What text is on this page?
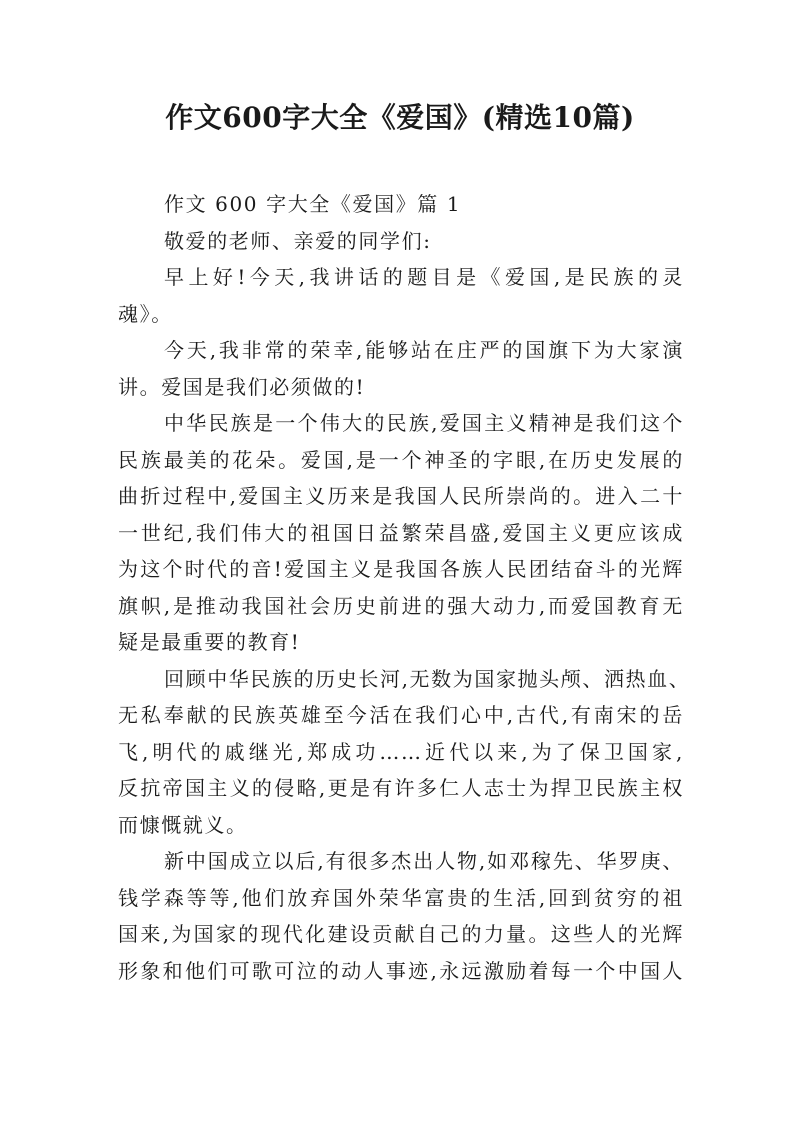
作文600字大全《爱国》(精选10篇)
作文 600 字大全《爱国》篇 1
敬爱的老师、亲爱的同学们:
早上好!今天,我讲话的题目是《爱国,是民族的灵
魂》。
今天,我非常的荣幸,能够站在庄严的国旗下为大家演
讲。爱国是我们必须做的!
中华民族是一个伟大的民族,爱国主义精神是我们这个
民族最美的花朵。爱国,是一个神圣的字眼,在历史发展的
曲折过程中,爱国主义历来是我国人民所崇尚的。进入二十
一世纪,我们伟大的祖国日益繁荣昌盛,爱国主义更应该成
为这个时代的音!爱国主义是我国各族人民团结奋斗的光辉
旗帜,是推动我国社会历史前进的强大动力,而爱国教育无
疑是最重要的教育!
回顾中华民族的历史长河,无数为国家抛头颅、洒热血、
无私奉献的民族英雄至今活在我们心中,古代,有南宋的岳
飞,明代的戚继光,郑成功……近代以来,为了保卫国家,
反抗帝国主义的侵略,更是有许多仁人志士为捍卫民族主权
而慷慨就义。
新中国成立以后,有很多杰出人物,如邓稼先、华罗庚、
钱学森等等,他们放弃国外荣华富贵的生活,回到贫穷的祖
国来,为国家的现代化建设贡献自己的力量。这些人的光辉
形象和他们可歌可泣的动人事迹,永远激励着每一个中国人
